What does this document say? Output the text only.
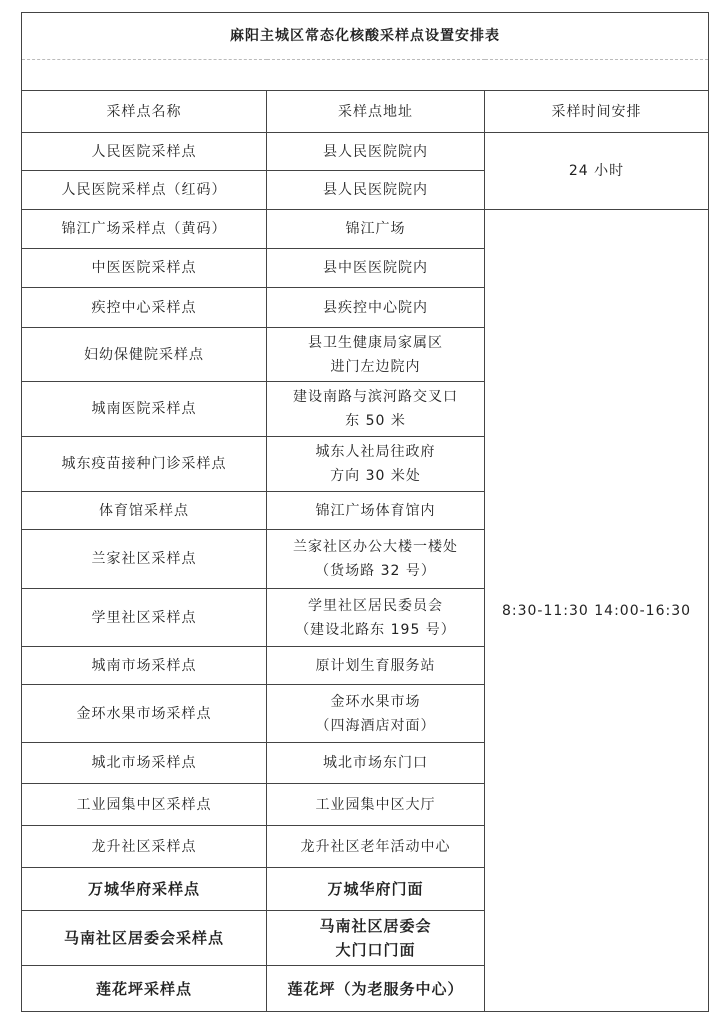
麻阳主城区常态化核酸采样点设置安排表		

采样点名称	采样点地址	采样时间安排
人民医院采样点	县人民医院院内	24 小时
人民医院采样点（红码）	县人民医院院内	
锦江广场采样点（黄码）	锦江广场	8:30-11:30 14:00-16:30
中医医院采样点	县中医医院院内	
疾控中心采样点	县疾控中心院内	
妇幼保健院采样点	县卫生健康局家属区
进门左边院内	

城南医院采样点	建设南路与滨河路交叉口
东 50 米	

城东疫苗接种门诊采样点	城东人社局往政府
方向 30 米处	

体育馆采样点	锦江广场体育馆内	
兰家社区采样点	兰家社区办公大楼一楼处
（货场路 32 号）	

学里社区采样点	学里社区居民委员会
（建设北路东 195 号）	

城南市场采样点	原计划生育服务站	
金环水果市场采样点	金环水果市场
（四海酒店对面）	

城北市场采样点	城北市场东门口	
工业园集中区采样点	工业园集中区大厅	
龙升社区采样点	龙升社区老年活动中心	
万城华府采样点	万城华府门面	
马南社区居委会采样点	马南社区居委会
大门口门面	

莲花坪采样点	莲花坪（为老服务中心）	
